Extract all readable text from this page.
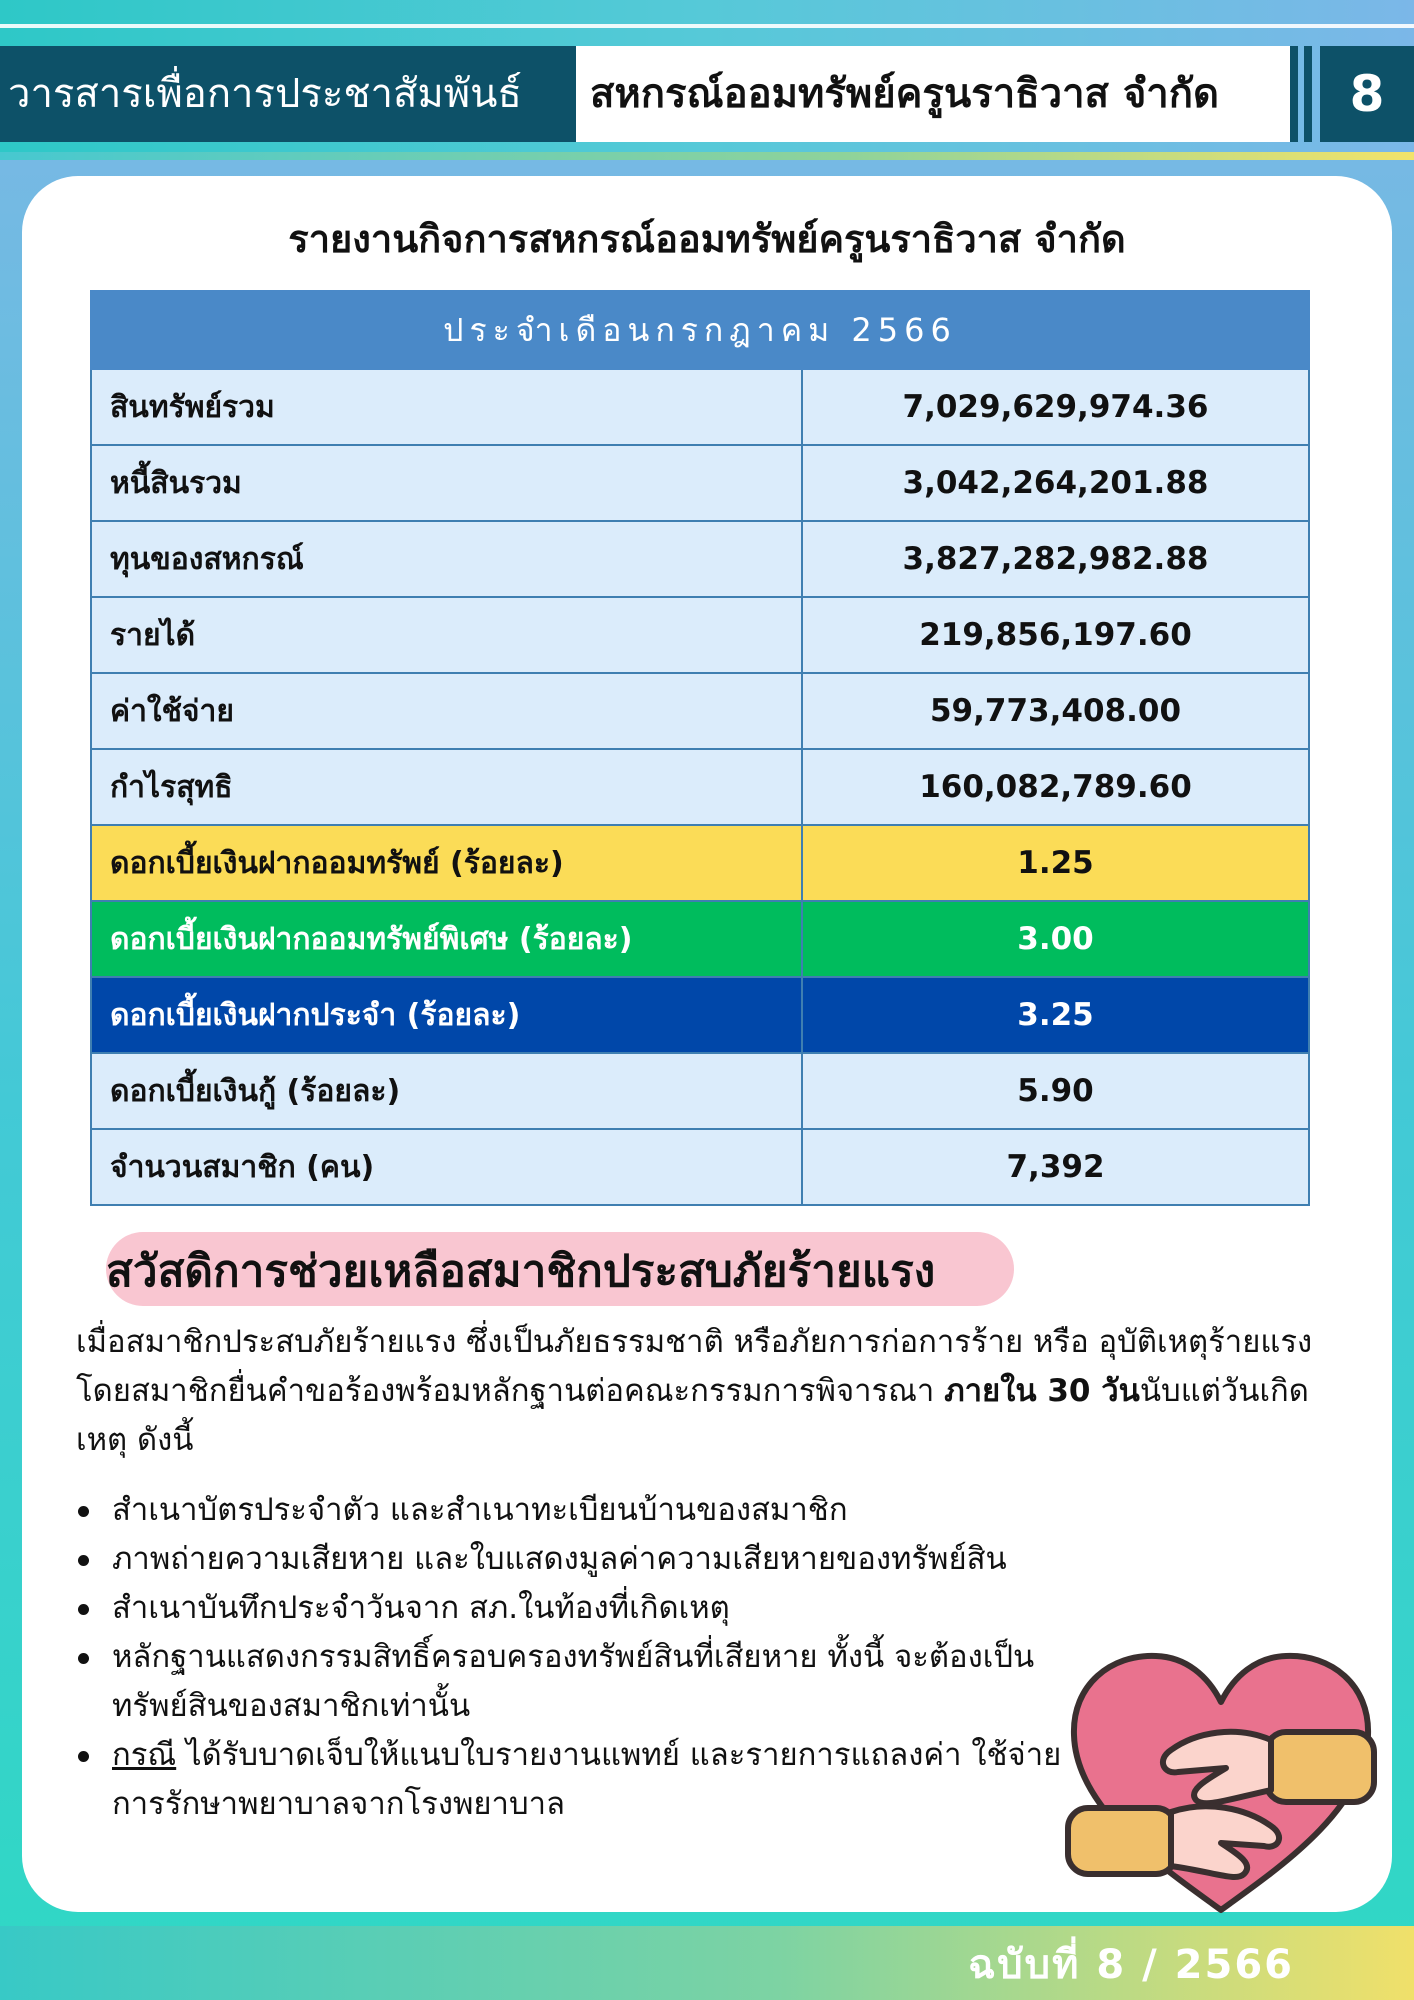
วารสารเพื่อการประชาสัมพันธ์	สหกรณ์ออมทรัพย์ครูนราธิวาส จำกัด	8
รายงานกิจการสหกรณ์ออมทรัพย์ครูนราธิวาส จำกัด
ประจำเดือนกรกฎาคม 2566	
สินทรัพย์รวม	7,029,629,974.36
หนี้สินรวม	3,042,264,201.88
ทุนของสหกรณ์	3,827,282,982.88
รายได้	219,856,197.60
ค่าใช้จ่าย	59,773,408.00
กำไรสุทธิ	160,082,789.60
ดอกเบี้ยเงินฝากออมทรัพย์ (ร้อยละ)	1.25
ดอกเบี้ยเงินฝากออมทรัพย์พิเศษ (ร้อยละ)	3.00
ดอกเบี้ยเงินฝากประจำ (ร้อยละ)	3.25
ดอกเบี้ยเงินกู้ (ร้อยละ)	5.90
จำนวนสมาชิก (คน)	7,392
สวัสดิการช่วยเหลือสมาชิกประสบภัยร้ายแรง
เมื่อสมาชิกประสบภัยร้ายแรง ซึ่งเป็นภัยธรรมชาติ หรือภัยการก่อการร้าย หรือ อุบัติเหตุร้ายแรง โดยสมาชิกยื่นคำขอร้องพร้อมหลักฐานต่อคณะกรรมการพิจารณา ภายใน 30 วันนับแต่วันเกิดเหตุ ดังนี้
สำเนาบัตรประจำตัว และสำเนาทะเบียนบ้านของสมาชิก
ภาพถ่ายความเสียหาย และใบแสดงมูลค่าความเสียหายของทรัพย์สิน
สำเนาบันทึกประจำวันจาก สภ.ในท้องที่เกิดเหตุ
หลักฐานแสดงกรรมสิทธิ์ครอบครองทรัพย์สินที่เสียหาย ทั้งนี้ จะต้องเป็นทรัพย์สินของสมาชิกเท่านั้น
กรณี ได้รับบาดเจ็บให้แนบใบรายงานแพทย์ และรายการแถลงค่า ใช้จ่ายการรักษาพยาบาลจากโรงพยาบาล
ฉบับที่ 8 / 2566
